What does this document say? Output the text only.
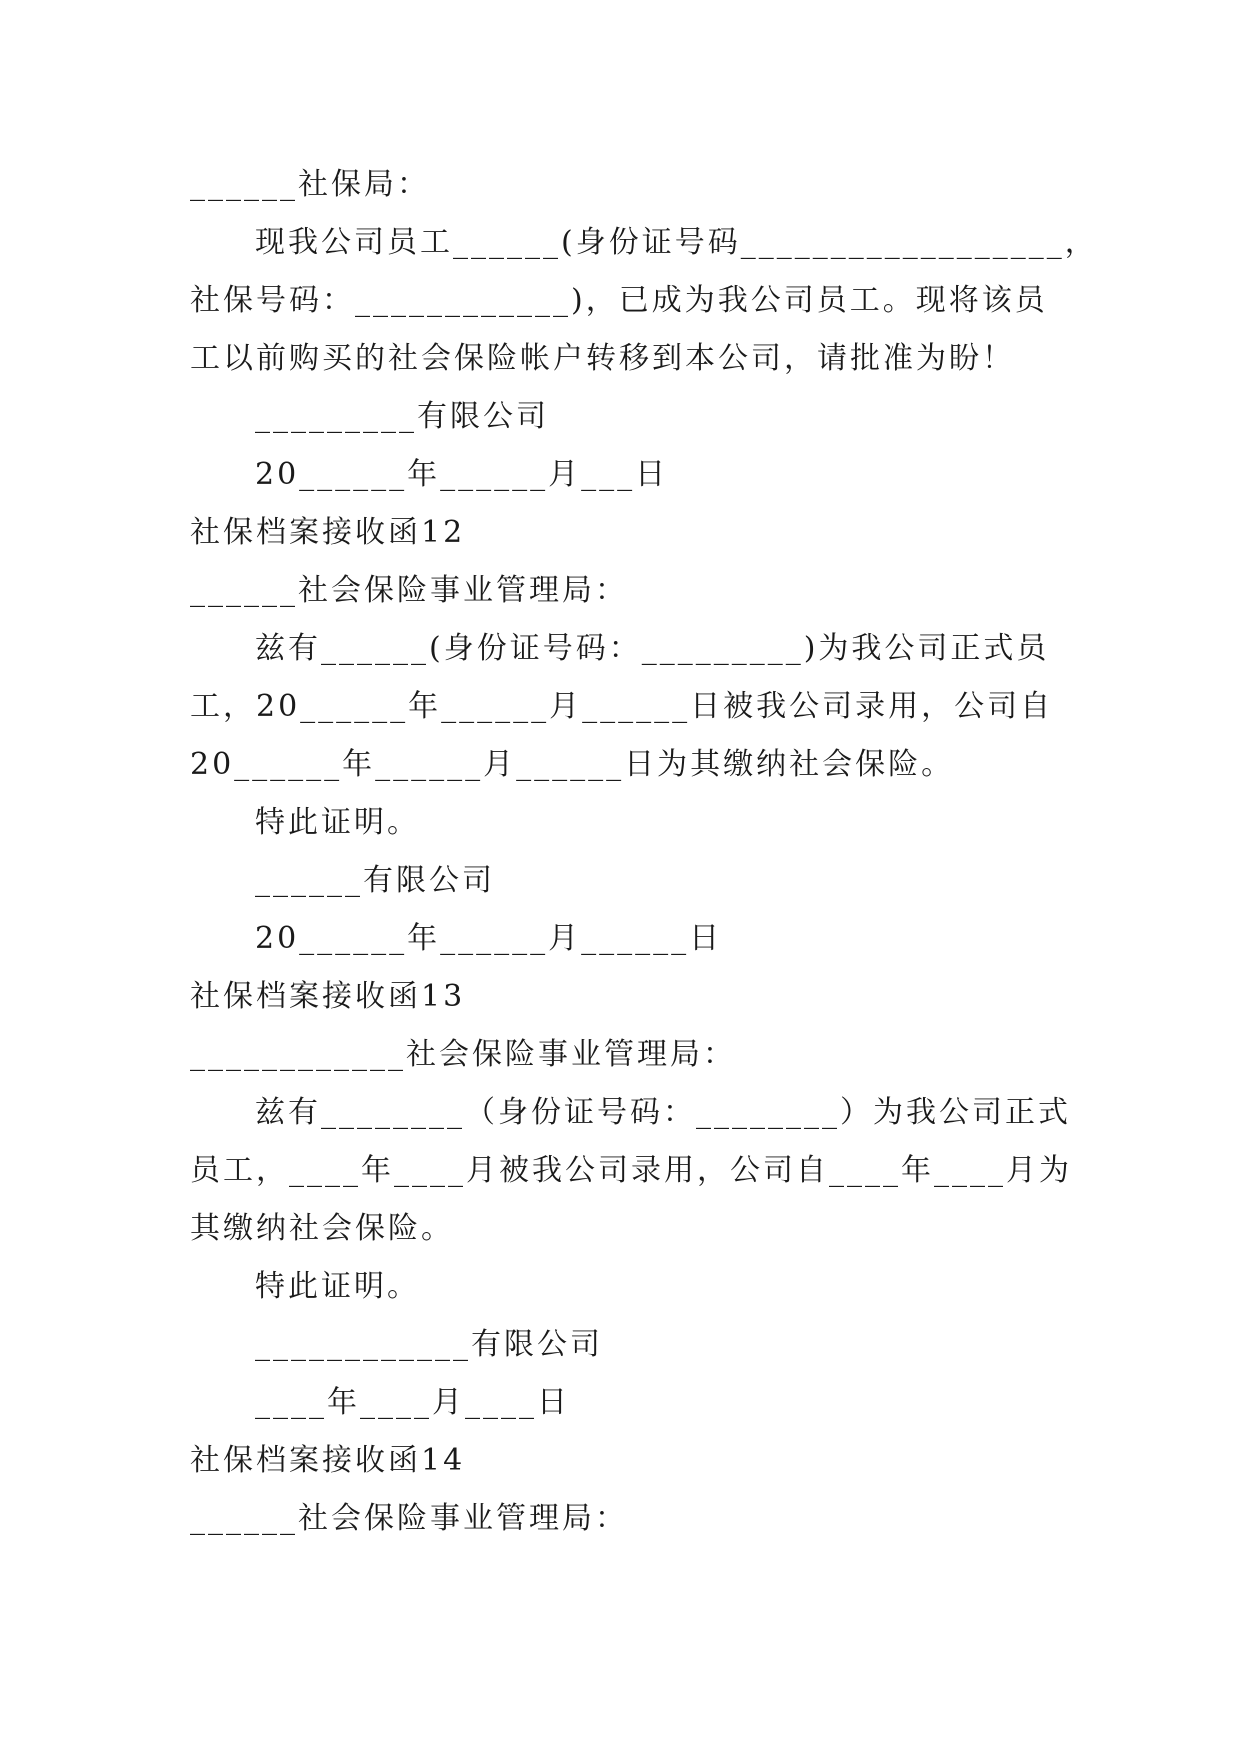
______社保局：
现我公司员工______(身份证号码__________________，
社保号码：____________)，已成为我公司员工。现将该员
工以前购买的社会保险帐户转移到本公司，请批准为盼！
_________有限公司
20______年______月___日
社保档案接收函12
______社会保险事业管理局：
兹有______(身份证号码：_________)为我公司正式员
工，20______年______月______日被我公司录用，公司自
20______年______月______日为其缴纳社会保险。
特此证明。
______有限公司
20______年______月______日
社保档案接收函13
____________社会保险事业管理局：
兹有________（身份证号码：________）为我公司正式
员工，____年____月被我公司录用，公司自____年____月为
其缴纳社会保险。
特此证明。
____________有限公司
____年____月____日
社保档案接收函14
______社会保险事业管理局：
